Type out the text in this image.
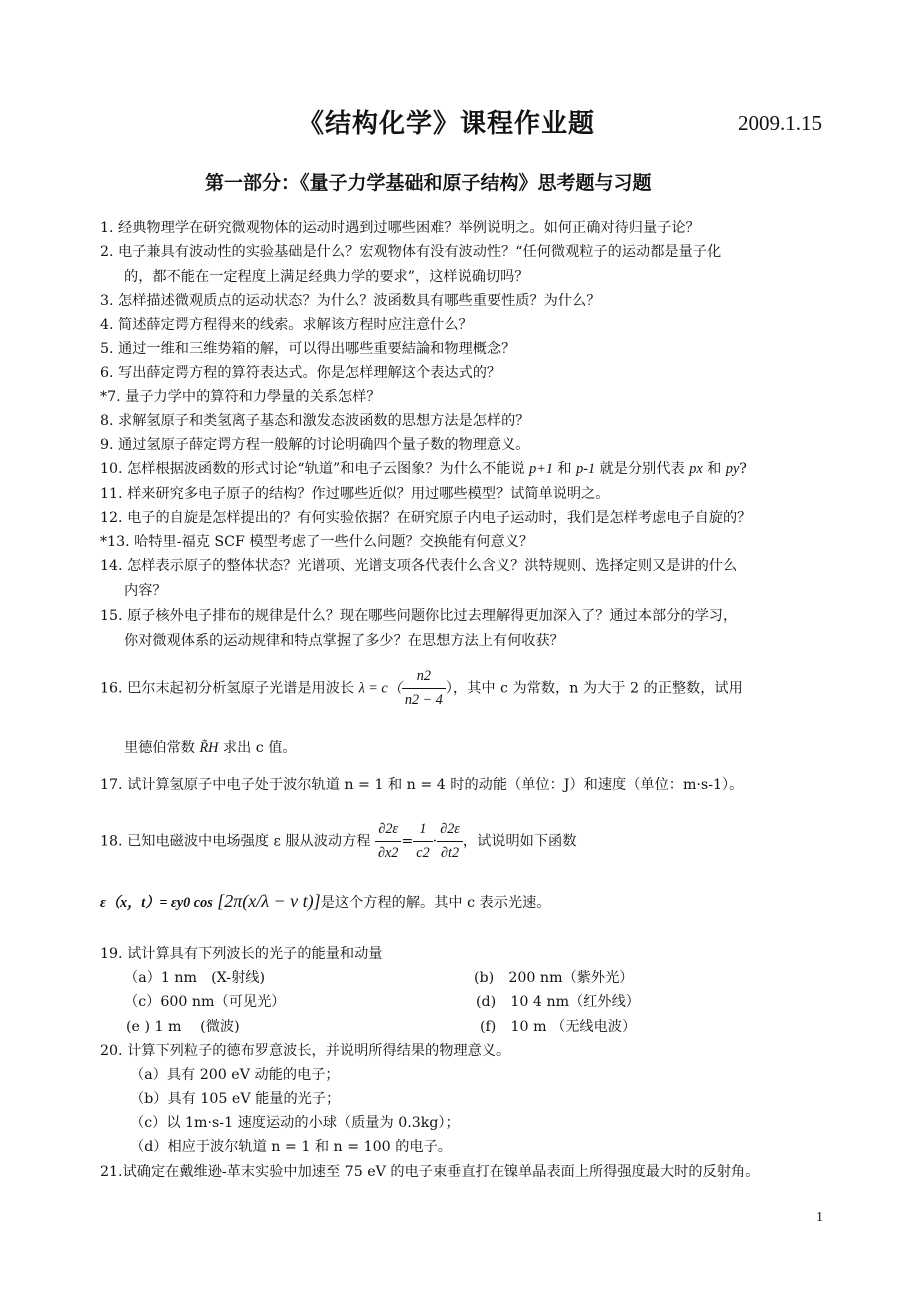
《结构化学》课程作业题	2009.1.15
第一部分：《量子力学基础和原子结构》思考题与习题
1. 经典物理学在研究微观物体的运动时遇到过哪些困难？举例说明之。如何正确对待归量子论？
2. 电子兼具有波动性的实验基础是什么？宏观物体有没有波动性？“任何微观粒子的运动都是量子化
的，都不能在一定程度上满足经典力学的要求”，这样说确切吗？
3. 怎样描述微观质点的运动状态？为什么？波函数具有哪些重要性质？为什么？
4. 简述薛定谔方程得来的线索。求解该方程时应注意什么？
5. 通过一维和三维势箱的解，可以得出哪些重要結論和物理概念？
6. 写出薛定谔方程的算符表达式。你是怎样理解这个表达式的？
*7. 量子力学中的算符和力學量的关系怎样？
8. 求解氢原子和类氢离子基态和激发态波函数的思想方法是怎样的？
9. 通过氢原子薛定谔方程一般解的讨论明确四个量子数的物理意义。
10. 怎样根据波函数的形式讨论“轨道”和电子云图象？为什么不能说 p+1 和 p-1 就是分别代表 px 和 py?
11. 样来研究多电子原子的结构？作过哪些近似？用过哪些模型？试简单说明之。
12. 电子的自旋是怎样提出的？有何实验依据？在研究原子内电子运动时，我们是怎样考虑电子自旋的？
*13. 哈特里-福克 SCF 模型考虑了一些什么问题？交换能有何意义？
14. 怎样表示原子的整体状态？光谱项、光谱支项各代表什么含义？洪特规则、选择定则又是讲的什么
内容？
15. 原子核外电子排布的规律是什么？现在哪些问题你比过去理解得更加深入了？通过本部分的学习，
你对微观体系的运动规律和特点掌握了多少？在思想方法上有何收获？
16. 巴尔末起初分析氢原子光谱是用波长 $\lambda = c( \frac{n2}{n2 - 4}$ ），其中 c 为常数，n 为大于 2 的正整数，试用
里德伯常数 R̃H 求出 c 值。
17. 试计算氢原子中电子处于波尔轨道 n = 1 和 n = 4 时的动能（单位：J）和速度（单位：m·s-1）。
18. 已知电磁波中电场强度 ε 服从波动方程 $\frac{\partial 2\varepsilon}{\partial x2} = \frac{1}{c2} \cdot \frac{\partial 2\varepsilon}{\partial t2}$ ，试说明如下函数
ε（x，t）= εy0 cos [2π(x/λ − ν t)]是这个方程的解。其中 c 表示光速。
19. 试计算具有下列波长的光子的能量和动量
（a）1 nm　(X-射线)	(b)　200 nm（紫外光）
（c）600 nm（可见光）	(d)　10 4 nm（红外线）
(e ) 1 m　 (微波)	(f)　10 m （无线电波）
20. 计算下列粒子的德布罗意波长，并说明所得结果的物理意义。
（a）具有 200 eV 动能的电子；
（b）具有 105 eV 能量的光子；
（c）以 1m·s-1 速度运动的小球（质量为 0.3kg）；
（d）相应于波尔轨道 n = 1 和 n = 100 的电子。
21.试确定在戴维逊-革末实验中加速至 75 eV 的电子束垂直打在镍单晶表面上所得强度最大时的反射角。
1
